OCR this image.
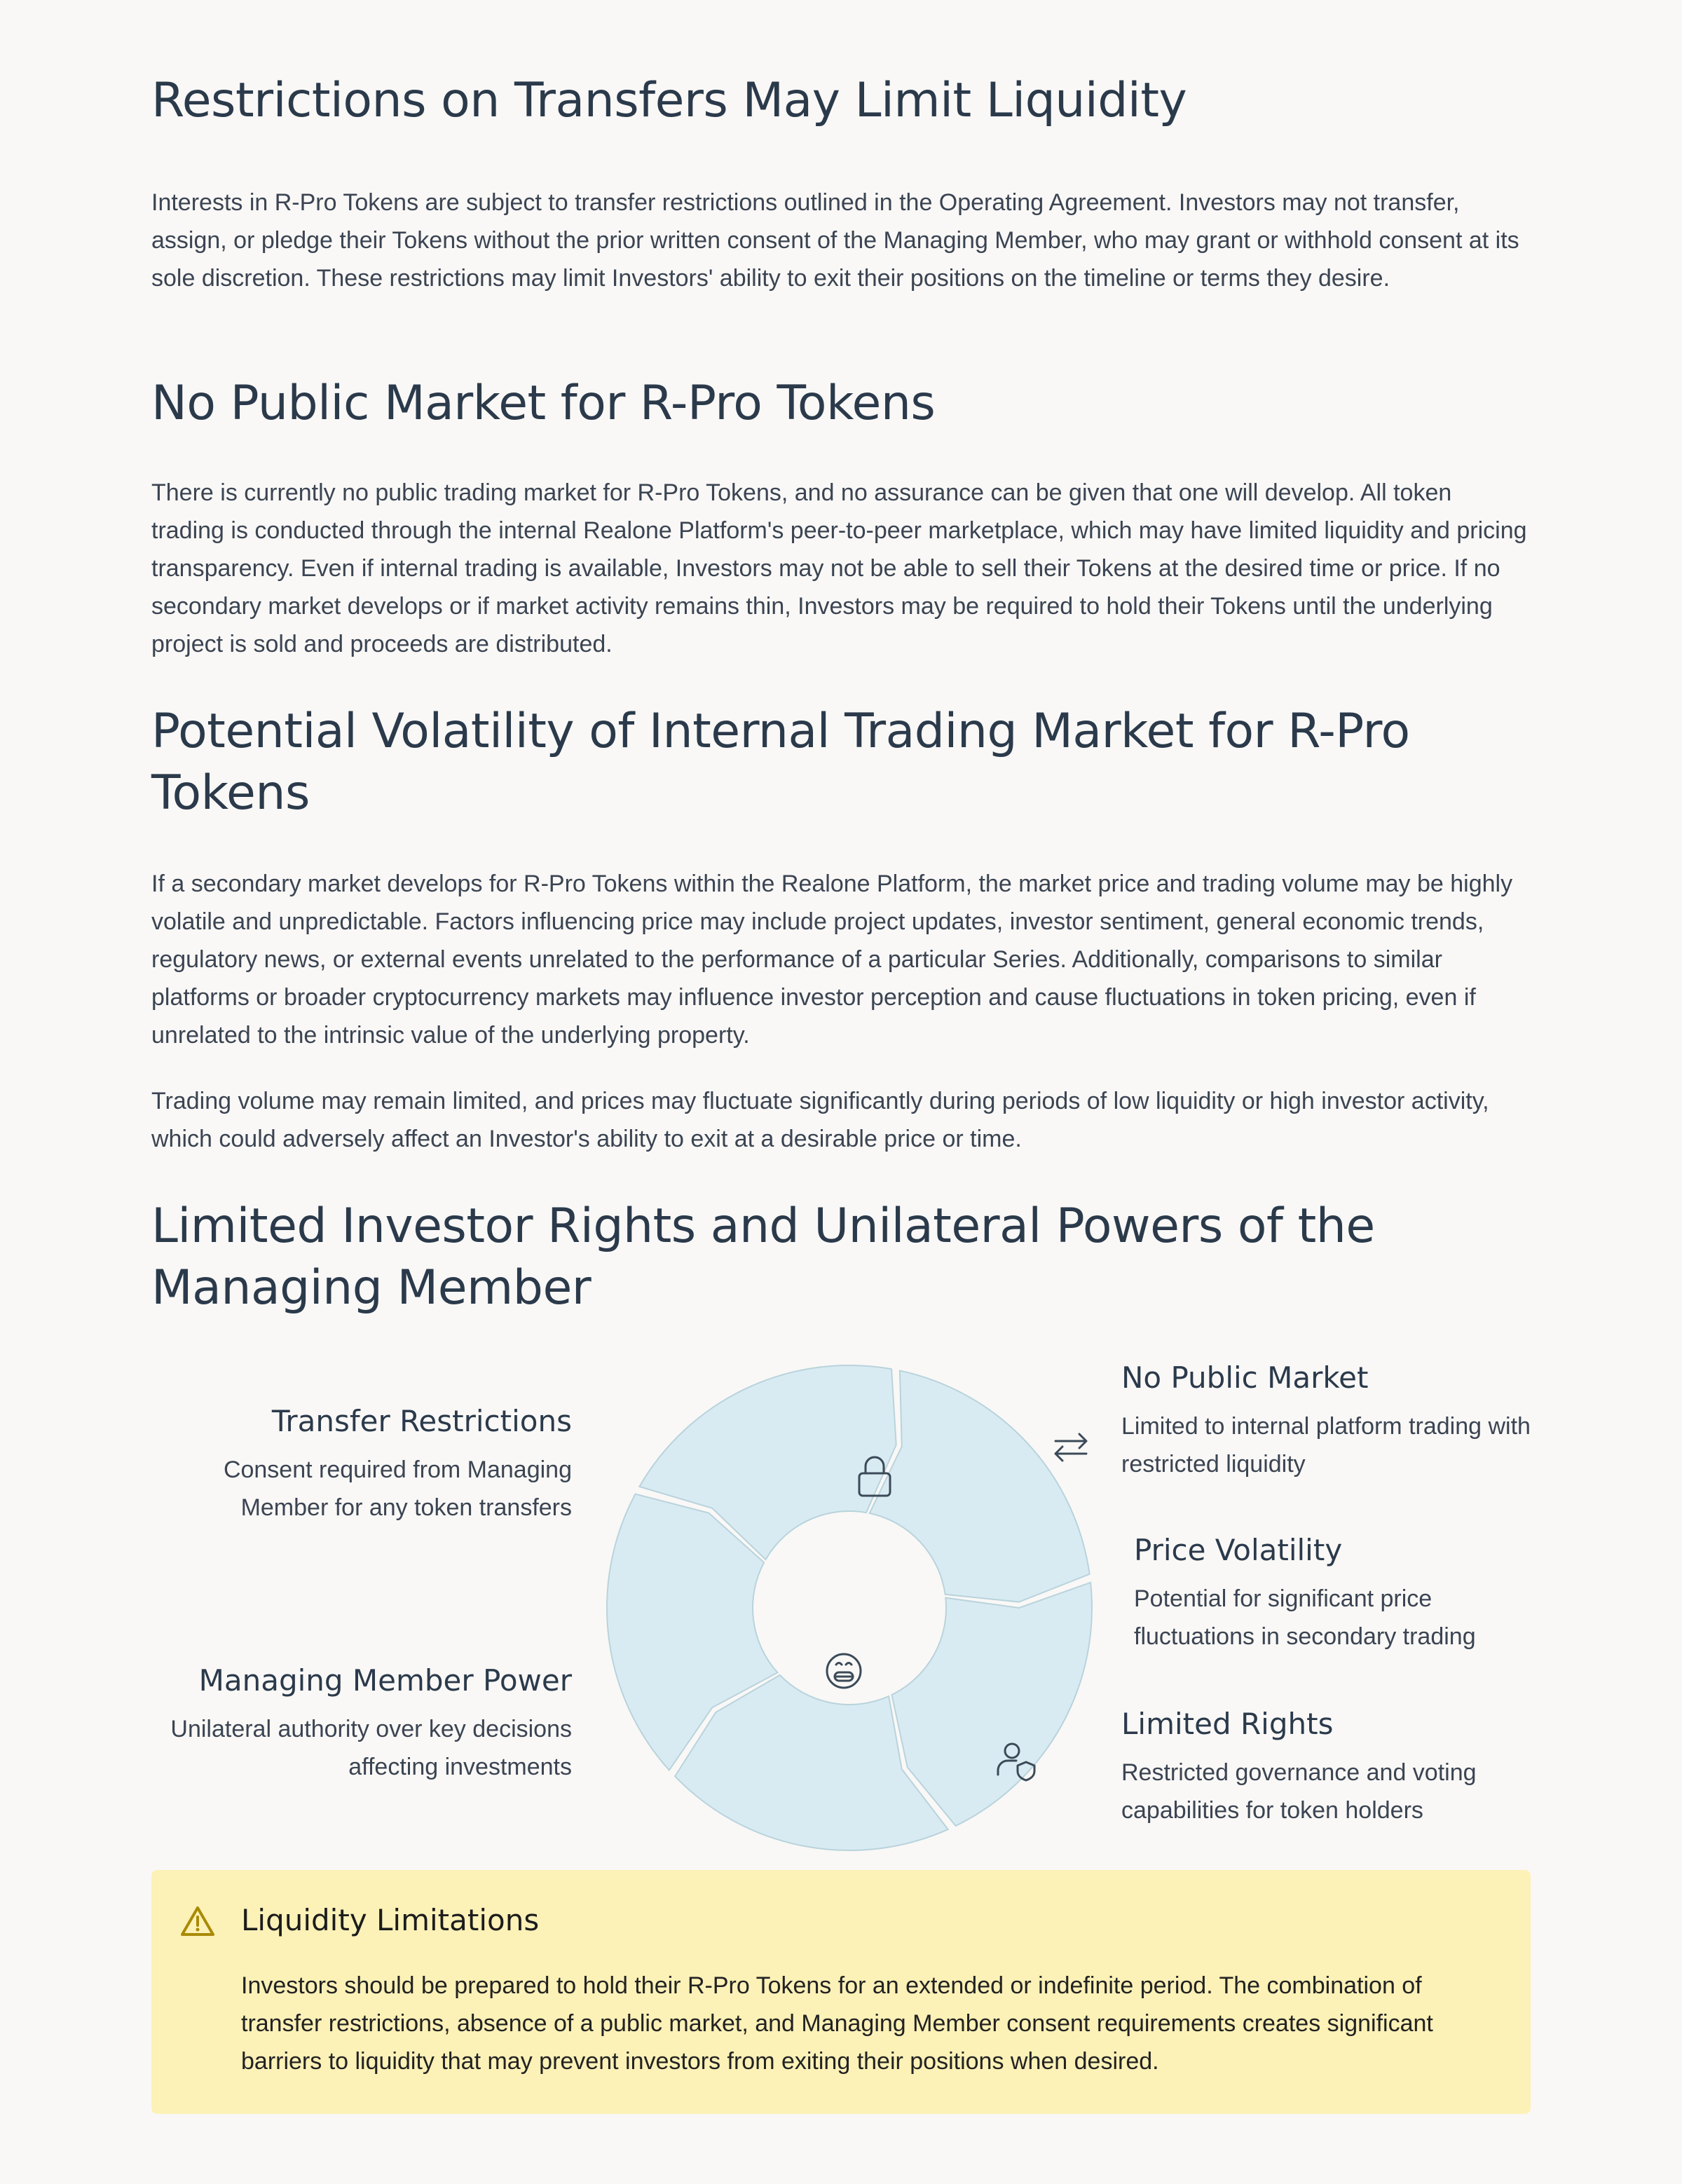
Restrictions on Transfers May Limit Liquidity

Interests in R-Pro Tokens are subject to transfer restrictions outlined in the Operating Agreement. Investors may not transfer, assign, or pledge their Tokens without the prior written consent of the Managing Member, who may grant or withhold consent at its sole discretion. These restrictions may limit Investors' ability to exit their positions on the timeline or terms they desire.

No Public Market for R-Pro Tokens

There is currently no public trading market for R-Pro Tokens, and no assurance can be given that one will develop. All token trading is conducted through the internal Realone Platform's peer-to-peer marketplace, which may have limited liquidity and pricing transparency. Even if internal trading is available, Investors may not be able to sell their Tokens at the desired time or price. If no secondary market develops or if market activity remains thin, Investors may be required to hold their Tokens until the underlying project is sold and proceeds are distributed.

Potential Volatility of Internal Trading Market for R-Pro Tokens

If a secondary market develops for R-Pro Tokens within the Realone Platform, the market price and trading volume may be highly volatile and unpredictable. Factors influencing price may include project updates, investor sentiment, general economic trends, regulatory news, or external events unrelated to the performance of a particular Series. Additionally, comparisons to similar platforms or broader cryptocurrency markets may influence investor perception and cause fluctuations in token pricing, even if unrelated to the intrinsic value of the underlying property.

Trading volume may remain limited, and prices may fluctuate significantly during periods of low liquidity or high investor activity, which could adversely affect an Investor's ability to exit at a desirable price or time.

Limited Investor Rights and Unilateral Powers of the Managing Member
Transfer Restrictions
Consent required from Managing Member for any token transfers
Managing Member Power
Unilateral authority over key decisions affecting investments
No Public Market
Limited to internal platform trading with restricted liquidity
Price Volatility
Potential for significant price fluctuations in secondary trading
Limited Rights
Restricted governance and voting capabilities for token holders
Liquidity Limitations
Investors should be prepared to hold their R-Pro Tokens for an extended or indefinite period. The combination of transfer restrictions, absence of a public market, and Managing Member consent requirements creates significant barriers to liquidity that may prevent investors from exiting their positions when desired.
